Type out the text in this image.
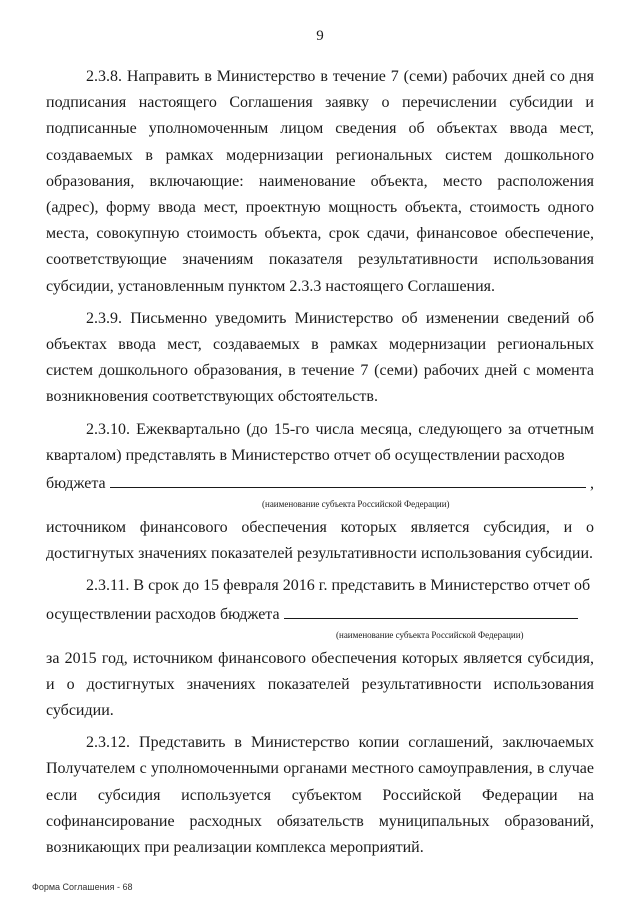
9

2.3.8. Направить в Министерство в течение 7 (семи) рабочих дней со дня подписания настоящего Соглашения заявку о перечислении субсидии и подписанные уполномоченным лицом сведения об объектах ввода мест, создаваемых в рамках модернизации региональных систем дошкольного образования, включающие: наименование объекта, место расположения (адрес), форму ввода мест, проектную мощность объекта, стоимость одного места, совокупную стоимость объекта, срок сдачи, финансовое обеспечение, соответствующие значениям показателя результативности использования субсидии, установленным пунктом 2.3.3 настоящего Соглашения.

2.3.9. Письменно уведомить Министерство об изменении сведений об объектах ввода мест, создаваемых в рамках модернизации региональных систем дошкольного образования, в течение 7 (семи) рабочих дней с момента возникновения соответствующих обстоятельств.

2.3.10. Ежеквартально (до 15-го числа месяца, следующего за отчетным кварталом) представлять в Министерство отчет об осуществлении расходов

бюджета	,
(наименование субъекта Российской Федерации)

источником финансового обеспечения которых является субсидия, и о достигнутых значениях показателей результативности использования субсидии.

2.3.11. В срок до 15 февраля 2016 г. представить в Министерство отчет об

осуществлении расходов бюджета
(наименование субъекта Российской Федерации)

за 2015 год, источником финансового обеспечения которых является субсидия, и о достигнутых значениях показателей результативности использования субсидии.

2.3.12. Представить в Министерство копии соглашений, заключаемых Получателем с уполномоченными органами местного самоуправления, в случае если субсидия используется субъектом Российской Федерации на софинансирование расходных обязательств муниципальных образований, возникающих при реализации комплекса мероприятий.

Форма Соглашения - 68
